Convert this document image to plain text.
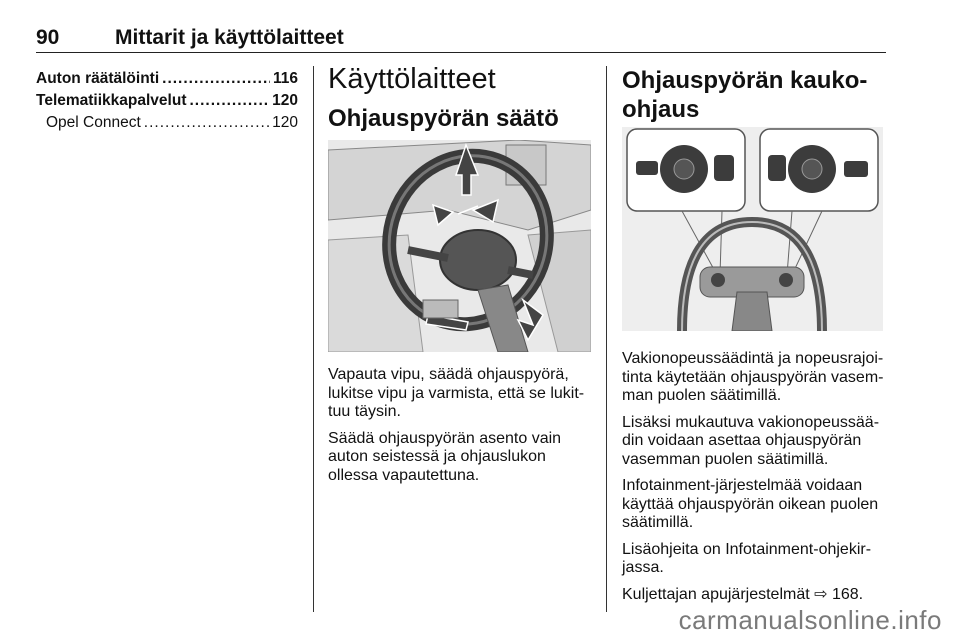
90	Mittarit ja käyttölaitteet
Auton räätälöinti .....	116
Telematiikkapalvelut .....	120
Opel Connect .....	120
Käyttölaitteet
Ohjauspyörän säätö

Vapauta vipu, säädä ohjauspyörä, lukitse vipu ja varmista, että se lukit-tuu täysin.

Säädä ohjauspyörän asento vain auton seistessä ja ohjauslukon ollessa vapautettuna.

Ohjauspyörän kauko-ohjaus

Vakionopeussäädintä ja nopeusrajoi-tinta käytetään ohjauspyörän vasem-man puolen säätimillä.

Lisäksi mukautuva vakionopeussää-din voidaan asettaa ohjauspyörän vasemman puolen säätimillä.

Infotainment-järjestelmää voidaan käyttää ohjauspyörän oikean puolen säätimillä.

Lisäohjeita on Infotainment-ohjekir-jassa.

Kuljettajan apujärjestelmät ⇨ 168.

carmanualsonline.info
